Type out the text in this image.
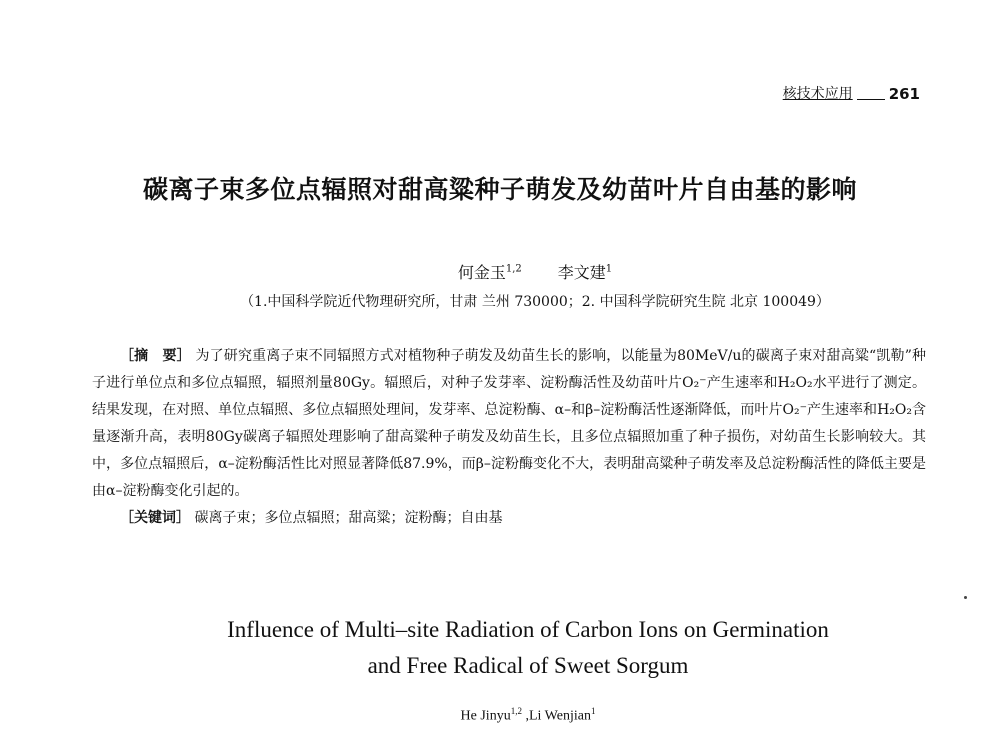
核技术应用 261
碳离子束多位点辐照对甜高粱种子萌发及幼苗叶片自由基的影响
何金玉$^{1,2}$ 李文建$^1$
（1.中国科学院近代物理研究所，甘肃 兰州 730000；2. 中国科学院研究生院 北京 100049）

［摘　要］ 为了研究重离子束不同辐照方式对植物种子萌发及幼苗生长的影响，以能量为80MeV/u的碳离子束对甜高粱“凯勒”种子进行单位点和多位点辐照，辐照剂量80Gy。辐照后，对种子发芽率、淀粉酶活性及幼苗叶片O₂⁻产生速率和H₂O₂水平进行了测定。结果发现，在对照、单位点辐照、多位点辐照处理间，发芽率、总淀粉酶、α–和β–淀粉酶活性逐渐降低，而叶片O₂⁻产生速率和H₂O₂含量逐渐升高，表明80Gy碳离子辐照处理影响了甜高粱种子萌发及幼苗生长，且多位点辐照加重了种子损伤，对幼苗生长影响较大。其中，多位点辐照后，α–淀粉酶活性比对照显著降低87.9%，而β–淀粉酶变化不大，表明甜高粱种子萌发率及总淀粉酶活性的降低主要是由α–淀粉酶变化引起的。

［关键词］ 碳离子束；多位点辐照；甜高粱；淀粉酶；自由基

Influence of Multi–site Radiation of Carbon Ions on Germination
and Free Radical of Sweet Sorgum
He Jinyu$^{1,2}$ ,Li Wenjian$^1$
